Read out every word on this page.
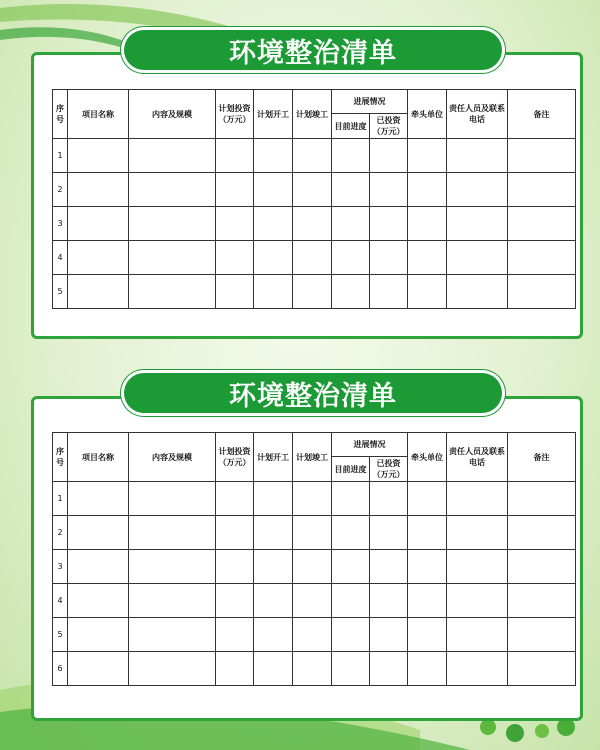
环境整治清单
序号	项目名称	内容及规模	计划投资（万元）	计划开工	计划竣工	进展情况		牵头单位	责任人员及联系电话	备注
						目前进度	已投资（万元）			
1										
2										
3										
4										
5										
环境整治清单
序号	项目名称	内容及规模	计划投资（万元）	计划开工	计划竣工	进展情况		牵头单位	责任人员及联系电话	备注
						目前进度	已投资（万元）			
1										
2										
3										
4										
5										
6										
